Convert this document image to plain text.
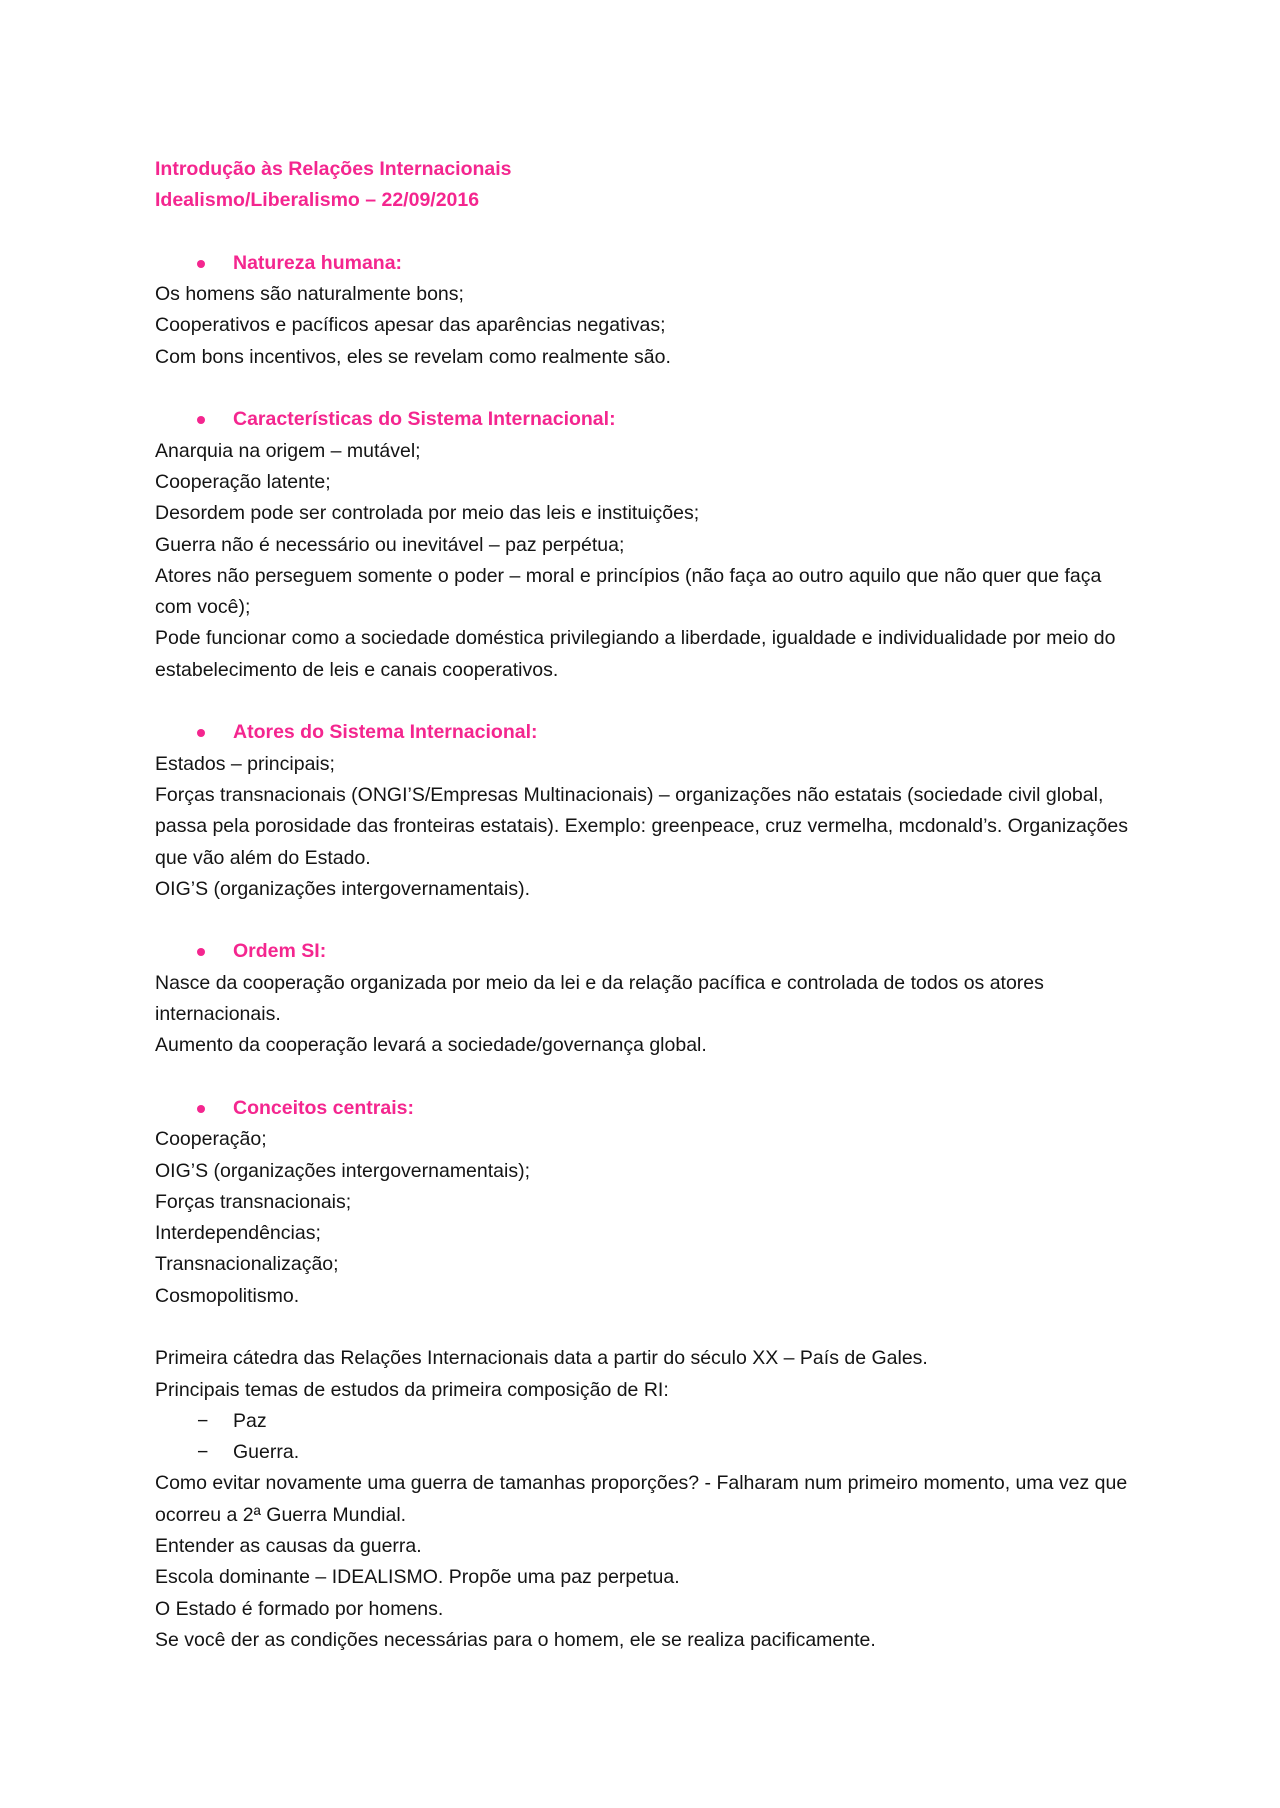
Introdução às Relações Internacionais
Idealismo/Liberalismo – 22/09/2016

Natureza humana:
Os homens são naturalmente bons;
Cooperativos e pacíficos apesar das aparências negativas;
Com bons incentivos, eles se revelam como realmente são.

Características do Sistema Internacional:
Anarquia na origem – mutável;
Cooperação latente;
Desordem pode ser controlada por meio das leis e instituições;
Guerra não é necessário ou inevitável – paz perpétua;
Atores não perseguem somente o poder – moral e princípios (não faça ao outro aquilo que não quer que faça com você);
Pode funcionar como a sociedade doméstica privilegiando a liberdade, igualdade e individualidade por meio do estabelecimento de leis e canais cooperativos.

Atores do Sistema Internacional:
Estados – principais;
Forças transnacionais (ONGI’S/Empresas Multinacionais) – organizações não estatais (sociedade civil global, passa pela porosidade das fronteiras estatais). Exemplo: greenpeace, cruz vermelha, mcdonald’s. Organizações que vão além do Estado.
OIG’S (organizações intergovernamentais).

Ordem SI:
Nasce da cooperação organizada por meio da lei e da relação pacífica e controlada de todos os atores internacionais.
Aumento da cooperação levará a sociedade/governança global.

Conceitos centrais:
Cooperação;
OIG’S (organizações intergovernamentais);
Forças transnacionais;
Interdependências;
Transnacionalização;
Cosmopolitismo.
Primeira cátedra das Relações Internacionais data a partir do século XX – País de Gales.
Principais temas de estudos da primeira composição de RI:
−	Paz
−	Guerra.
Como evitar novamente uma guerra de tamanhas proporções? - Falharam num primeiro momento, uma vez que ocorreu a 2ª Guerra Mundial.
Entender as causas da guerra.
Escola dominante – IDEALISMO. Propõe uma paz perpetua.
O Estado é formado por homens.
Se você der as condições necessárias para o homem, ele se realiza pacificamente.
